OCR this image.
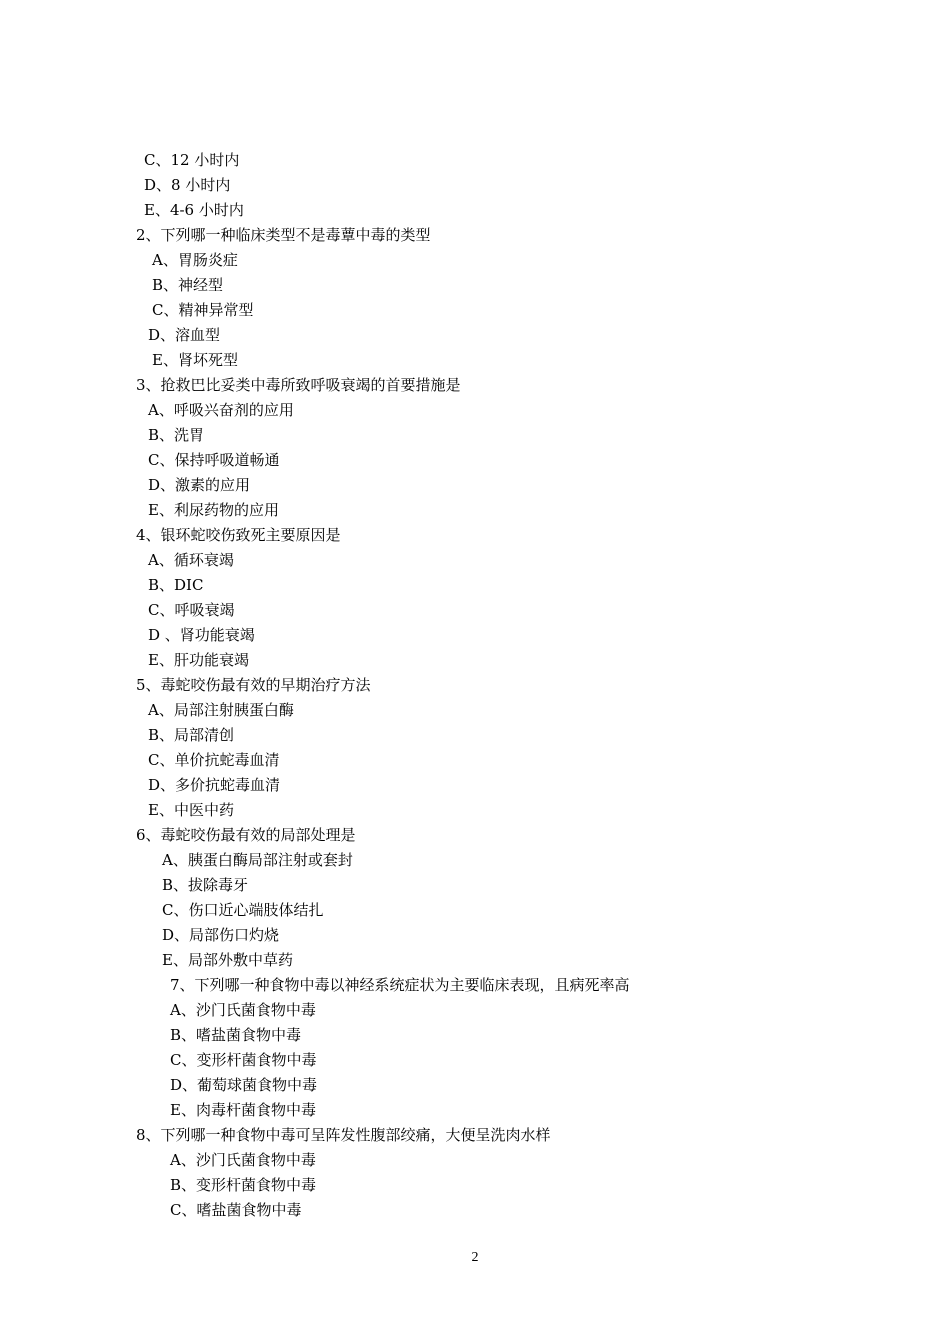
C、12 小时内
D、8 小时内
E、4-6 小时内
2、下列哪一种临床类型不是毒蕈中毒的类型
A、胃肠炎症
B、神经型
C、精神异常型
D、溶血型
E、肾坏死型
3、抢救巴比妥类中毒所致呼吸衰竭的首要措施是
A、呼吸兴奋剂的应用
B、洗胃
C、保持呼吸道畅通
D、激素的应用
E、利尿药物的应用
4、银环蛇咬伤致死主要原因是
A、循环衰竭
B、DIC
C、呼吸衰竭
D 、肾功能衰竭
E、肝功能衰竭
5、毒蛇咬伤最有效的早期治疗方法
A、局部注射胰蛋白酶
B、局部清创
C、单价抗蛇毒血清
D、多价抗蛇毒血清
E、中医中药
6、毒蛇咬伤最有效的局部处理是
A、胰蛋白酶局部注射或套封
B、拔除毒牙
C、伤口近心端肢体结扎
D、局部伤口灼烧
E、局部外敷中草药
7、下列哪一种食物中毒以神经系统症状为主要临床表现，且病死率高
A、沙门氏菌食物中毒
B、嗜盐菌食物中毒
C、变形杆菌食物中毒
D、葡萄球菌食物中毒
E、肉毒杆菌食物中毒
8、下列哪一种食物中毒可呈阵发性腹部绞痛，大便呈洗肉水样
A、沙门氏菌食物中毒
B、变形杆菌食物中毒
C、嗜盐菌食物中毒
2
